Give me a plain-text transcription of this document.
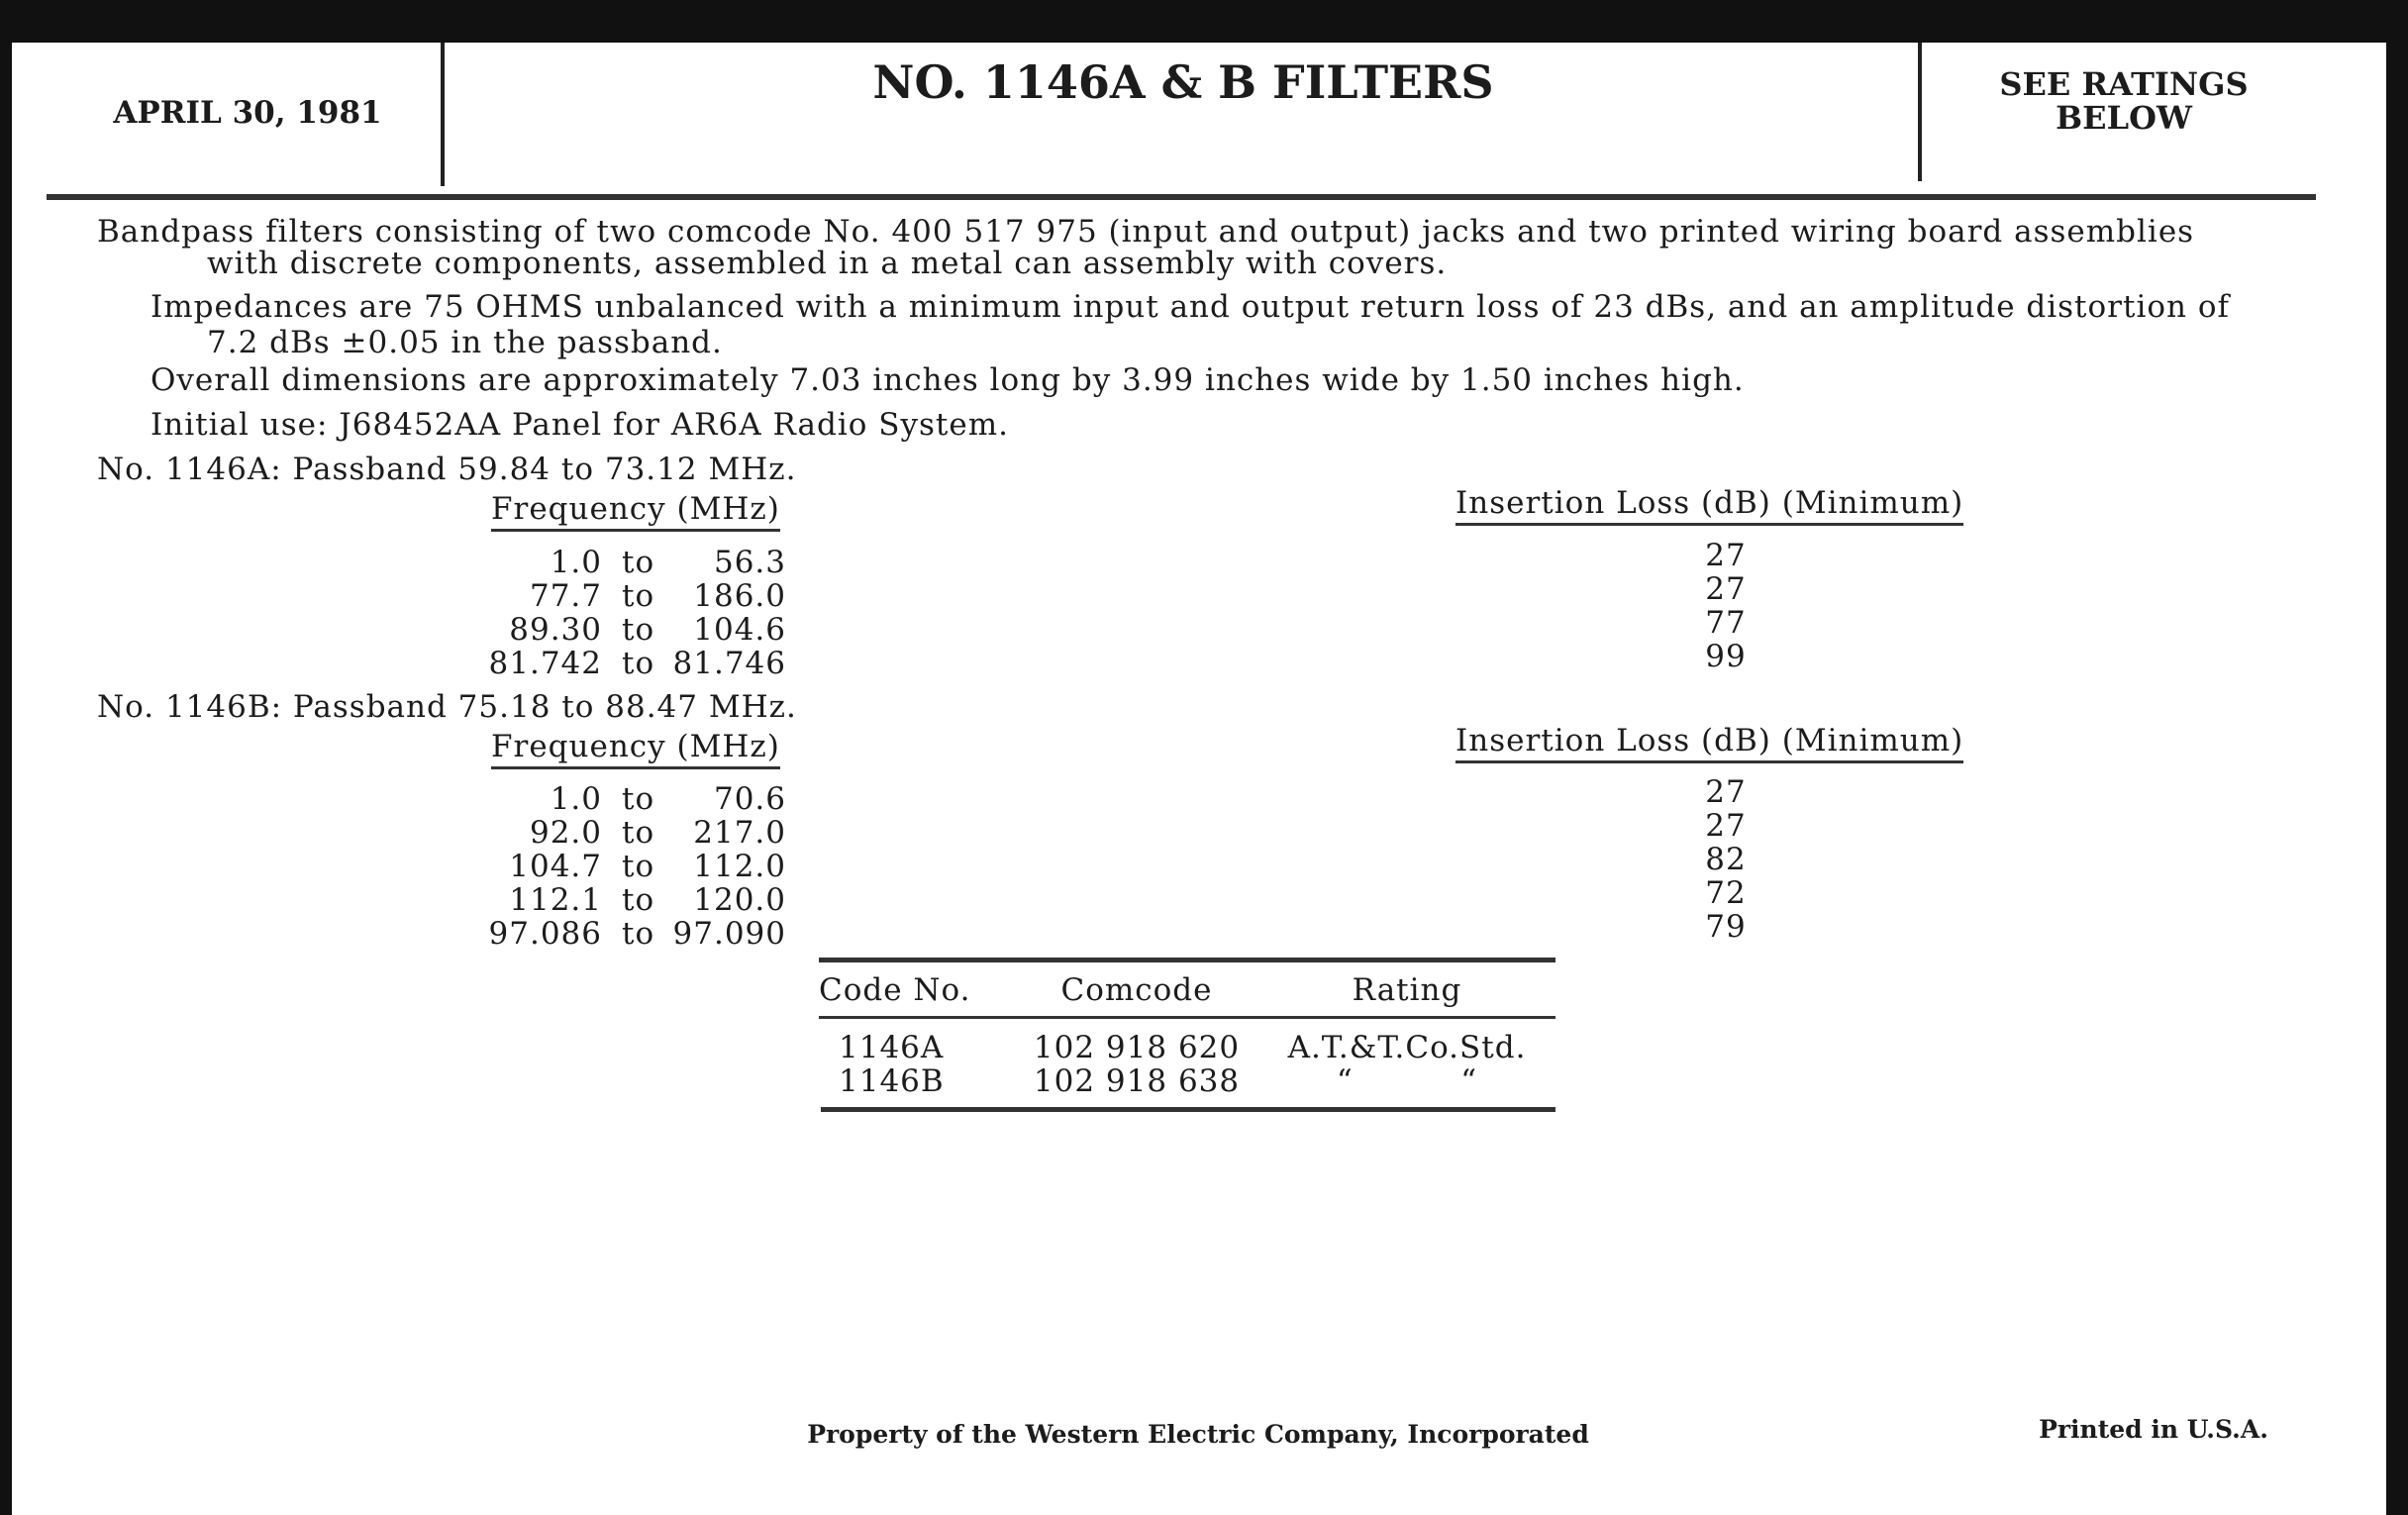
APRIL 30, 1981
NO. 1146A & B FILTERS	SEE RATINGS
BELOW
Bandpass filters consisting of two comcode No. 400 517 975 (input and output) jacks and two printed wiring board assemblies
with discrete components, assembled in a metal can assembly with covers.
Impedances are 75 OHMS unbalanced with a minimum input and output return loss of 23 dBs, and an amplitude distortion of
7.2 dBs ±0.05 in the passband.
Overall dimensions are approximately 7.03 inches long by 3.99 inches wide by 1.50 inches high.
Initial use: J68452AA Panel for AR6A Radio System.
No. 1146A: Passband 59.84 to 73.12 MHz.
Frequency (MHz)	Insertion Loss (dB) (Minimum)
1.0 to	56.3	27
77.7 to	186.0	27
89.30 to	104.6	77
81.742 to 81.746	99
No. 1146B: Passband 75.18 to 88.47 MHz.
Frequency (MHz)	Insertion Loss (dB) (Minimum)
1.0 to	70.6	27
92.0 to	217.0	27
104.7 to	112.0	82
112.1 to	120.0	72
97.086 to 97.090	79
Code No.	Comcode	Rating
1146A	102 918 620	A.T.&T.Co.Std.
1146B	102 918 638	“          “
Property of the Western Electric Company, Incorporated	Printed in U.S.A.
